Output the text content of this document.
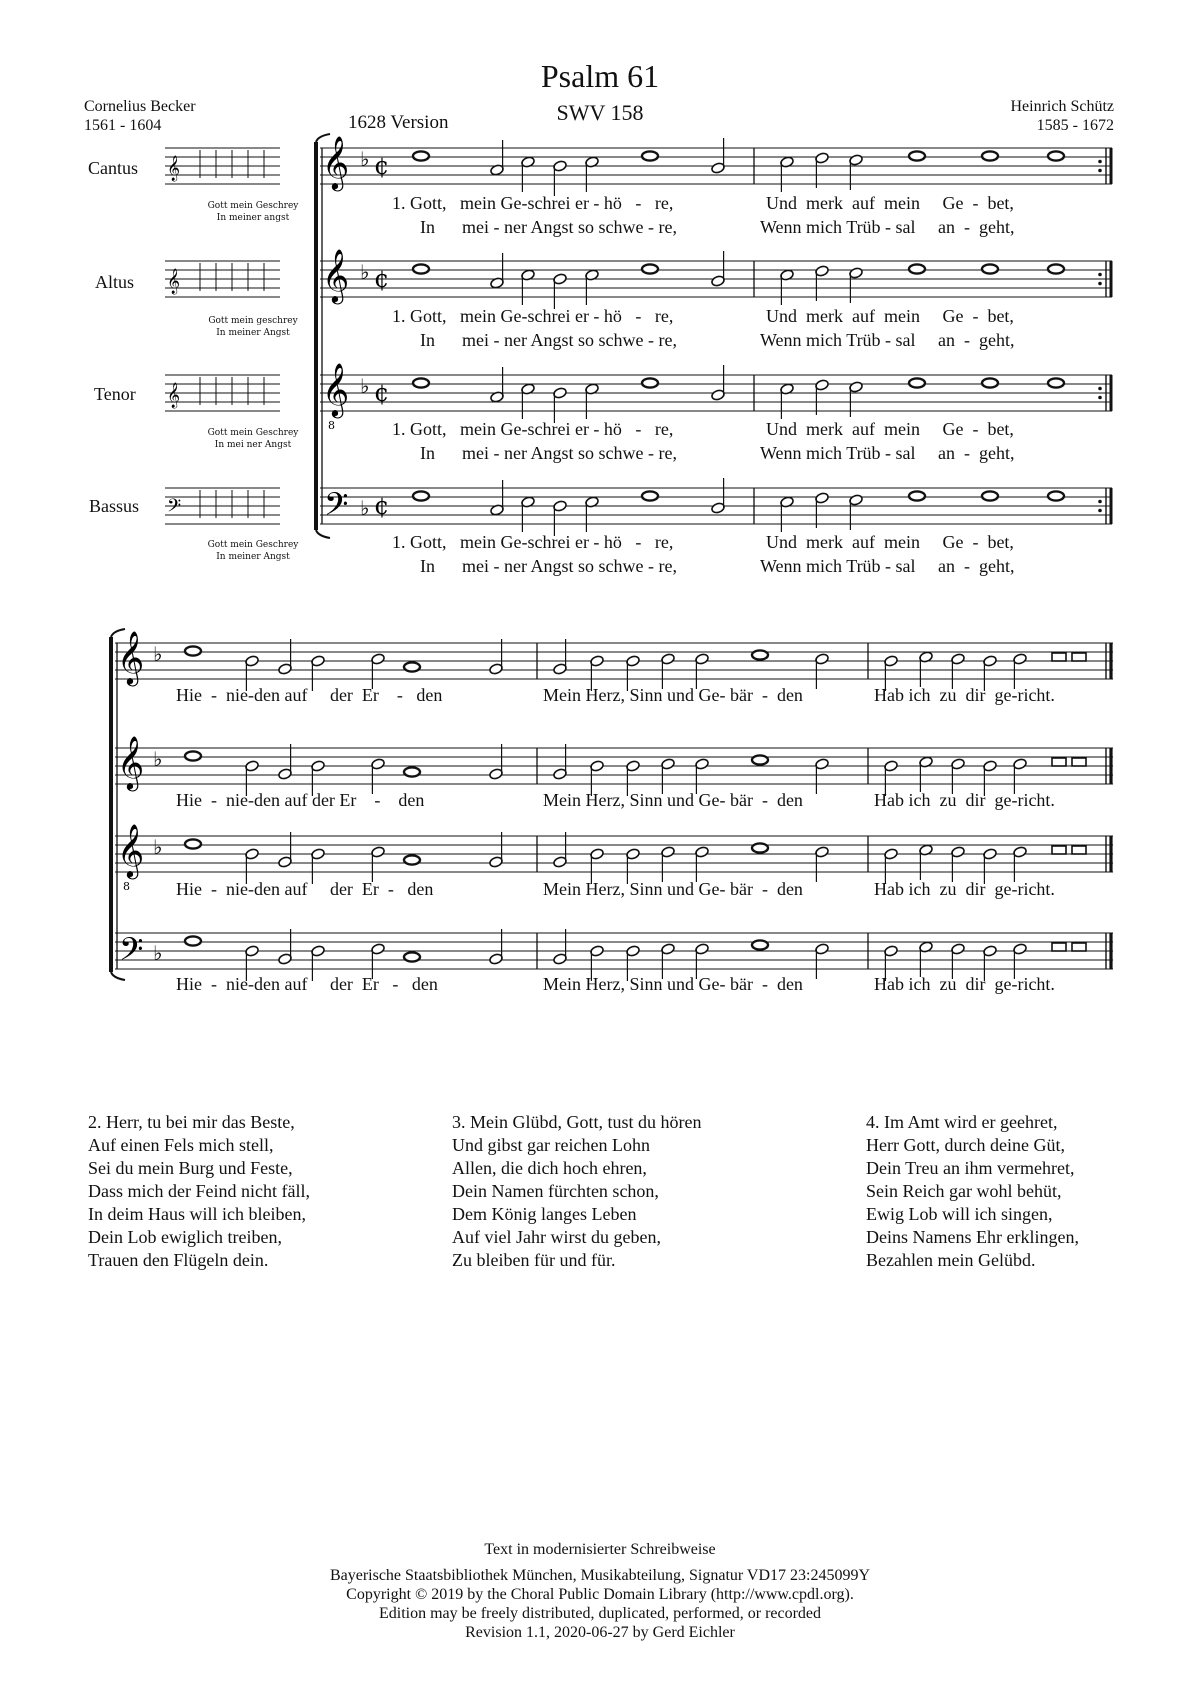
Psalm 61
SWV 158
1628 Version
Cornelius Becker
1561 - 1604
Heinrich Schütz
1585 - 1672
Cantus
Altus
Tenor
Bassus
Gott mein Geschrey
In meiner angst
Gott mein geschrey
In meiner Angst
Gott mein Geschrey
In mei ner Angst
Gott mein Geschrey
In meiner Angst
1. Gott,   mein Ge-schrei er - hö   -   re,
In      mei - ner Angst so schwe - re,
Und  merk  auf  mein     Ge  -  bet,
Wenn mich Trüb - sal     an  -  geht,
1. Gott,   mein Ge-schrei er - hö   -   re,
In      mei - ner Angst so schwe - re,
Und  merk  auf  mein     Ge  -  bet,
Wenn mich Trüb - sal     an  -  geht,
1. Gott,   mein Ge-schrei er - hö   -   re,
In      mei - ner Angst so schwe - re,
Und  merk  auf  mein     Ge  -  bet,
Wenn mich Trüb - sal     an  -  geht,
1. Gott,   mein Ge-schrei er - hö   -   re,
In      mei - ner Angst so schwe - re,
Und  merk  auf  mein     Ge  -  bet,
Wenn mich Trüb - sal     an  -  geht,
Hie  -  nie-den auf     der  Er    -   den	Mein Herz, Sinn und Ge- bär  -  den	Hab ich  zu  dir  ge-richt.
Hie  -  nie-den auf der Er    -    den	Mein Herz, Sinn und Ge- bär  -  den	Hab ich  zu  dir  ge-richt.
Hie  -  nie-den auf     der  Er  -   den	Mein Herz, Sinn und Ge- bär  -  den	Hab ich  zu  dir  ge-richt.
Hie  -  nie-den auf     der  Er   -   den	Mein Herz, Sinn und Ge- bär  -  den	Hab ich  zu  dir  ge-richt.
2. Herr, tu bei mir das Beste,
Auf einen Fels mich stell,
Sei du mein Burg und Feste,
Dass mich der Feind nicht fäll,
In deim Haus will ich bleiben,
Dein Lob ewiglich treiben,
Trauen den Flügeln dein.
3. Mein Glübd, Gott, tust du hören
Und gibst gar reichen Lohn
Allen, die dich hoch ehren,
Dein Namen fürchten schon,
Dem König langes Leben
Auf viel Jahr wirst du geben,
Zu bleiben für und für.
4. Im Amt wird er geehret,
Herr Gott, durch deine Güt,
Dein Treu an ihm vermehret,
Sein Reich gar wohl behüt,
Ewig Lob will ich singen,
Deins Namens Ehr erklingen,
Bezahlen mein Gelübd.
Text in modernisierter Schreibweise
Bayerische Staatsbibliothek München, Musikabteilung, Signatur VD17 23:245099Y
Copyright © 2019 by the Choral Public Domain Library (http://www.cpdl.org).
Edition may be freely distributed, duplicated, performed, or recorded
Revision 1.1, 2020-06-27 by Gerd Eichler
𝄞 ♭ ¢
𝄞
𝄞 ♭ ¢
𝄞
𝄞
8
♭ ¢
𝄞
𝄢 ♭ ¢
𝄢
𝄞 ♭
𝄞 ♭
𝄞
8
♭
𝄢 ♭
